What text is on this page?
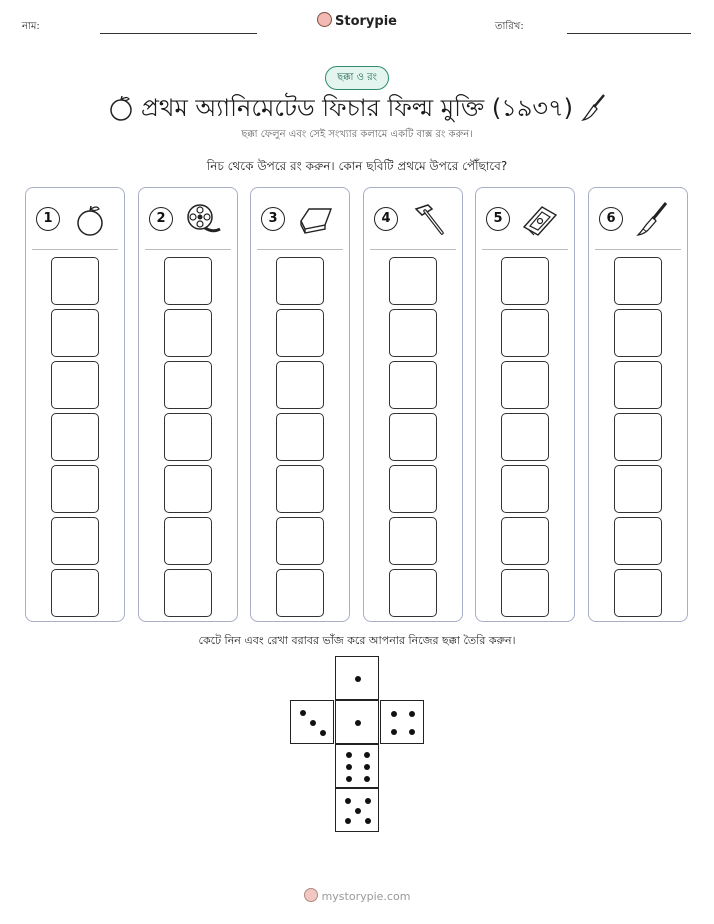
নাম:	Storypie	তারিখ:
ছক্কা ও রং
প্রথম অ্যানিমেটেড ফিচার ফিল্ম মুক্তি (১৯৩৭)
ছক্কা ফেলুন এবং সেই সংখ্যার কলামে একটি বাক্স রং করুন।
নিচ থেকে উপরে রং করুন। কোন ছবিটি প্রথমে উপরে পৌঁছাবে?
1	2	3	4	5	6
কেটে নিন এবং রেখা বরাবর ভাঁজ করে আপনার নিজের ছক্কা তৈরি করুন।
mystorypie.com
